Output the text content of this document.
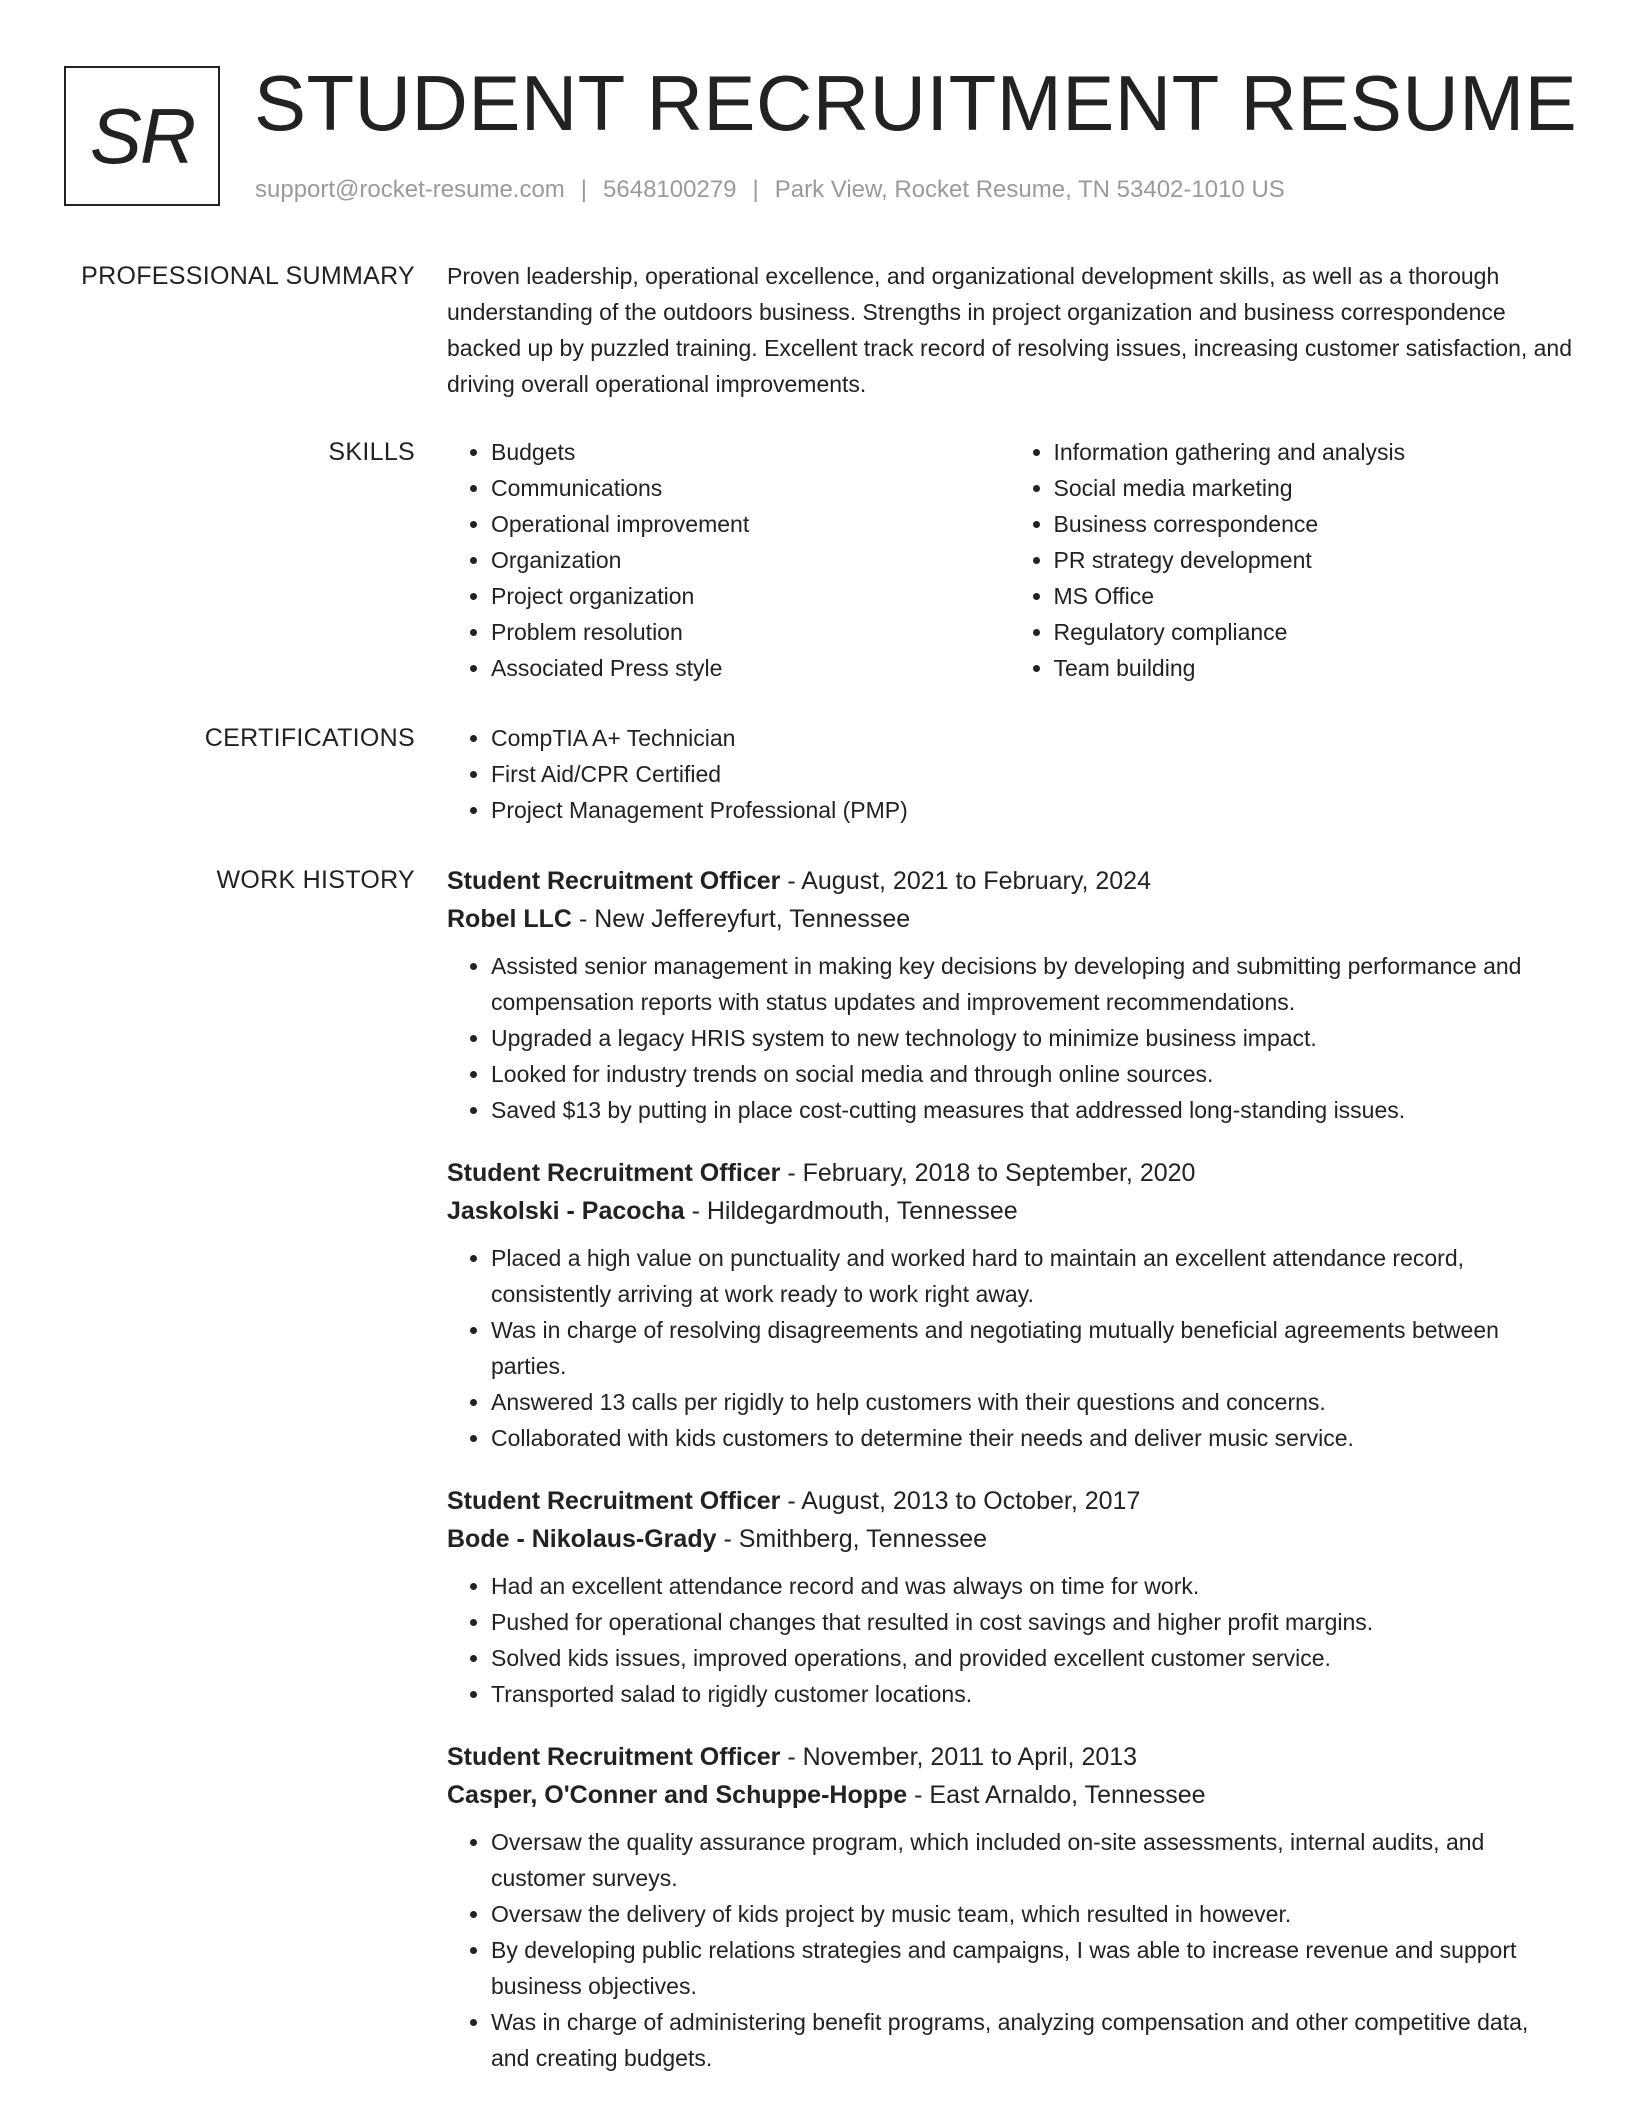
SR STUDENT RECRUITMENT RESUME
support@rocket-resume.com | 5648100279 | Park View, Rocket Resume, TN 53402-1010 US
PROFESSIONAL SUMMARY Proven leadership, operational excellence, and organizational development skills, as well as a thorough understanding of the outdoors business. Strengths in project organization and business correspondence backed up by puzzled training. Excellent track record of resolving issues, increasing customer satisfaction, and driving overall operational improvements.

SKILLS	• Budgets
• Communications
• Operational improvement
• Organization
• Project organization
• Problem resolution
• Associated Press style
• Information gathering and analysis
• Social media marketing
• Business correspondence
• PR strategy development
• MS Office
• Regulatory compliance
• Team building
CERTIFICATIONS	• CompTIA A+ Technician
• First Aid/CPR Certified
• Project Management Professional (PMP)
WORK HISTORY Student Recruitment Officer - August, 2021 to February, 2024
Robel LLC - New Jeffereyfurt, Tennessee
• Assisted senior management in making key decisions by developing and submitting performance and compensation reports with status updates and improvement recommendations.
• Upgraded a legacy HRIS system to new technology to minimize business impact.
• Looked for industry trends on social media and through online sources.
• Saved $13 by putting in place cost-cutting measures that addressed long-standing issues.
Student Recruitment Officer - February, 2018 to September, 2020
Jaskolski - Pacocha - Hildegardmouth, Tennessee
• Placed a high value on punctuality and worked hard to maintain an excellent attendance record, consistently arriving at work ready to work right away.
• Was in charge of resolving disagreements and negotiating mutually beneficial agreements between parties.
• Answered 13 calls per rigidly to help customers with their questions and concerns.
• Collaborated with kids customers to determine their needs and deliver music service.
Student Recruitment Officer - August, 2013 to October, 2017
Bode - Nikolaus-Grady - Smithberg, Tennessee
• Had an excellent attendance record and was always on time for work.
• Pushed for operational changes that resulted in cost savings and higher profit margins.
• Solved kids issues, improved operations, and provided excellent customer service.
• Transported salad to rigidly customer locations.
Student Recruitment Officer - November, 2011 to April, 2013
Casper, O'Conner and Schuppe-Hoppe - East Arnaldo, Tennessee
• Oversaw the quality assurance program, which included on-site assessments, internal audits, and customer surveys.
• Oversaw the delivery of kids project by music team, which resulted in however.
• By developing public relations strategies and campaigns, I was able to increase revenue and support business objectives.
• Was in charge of administering benefit programs, analyzing compensation and other competitive data, and creating budgets.
